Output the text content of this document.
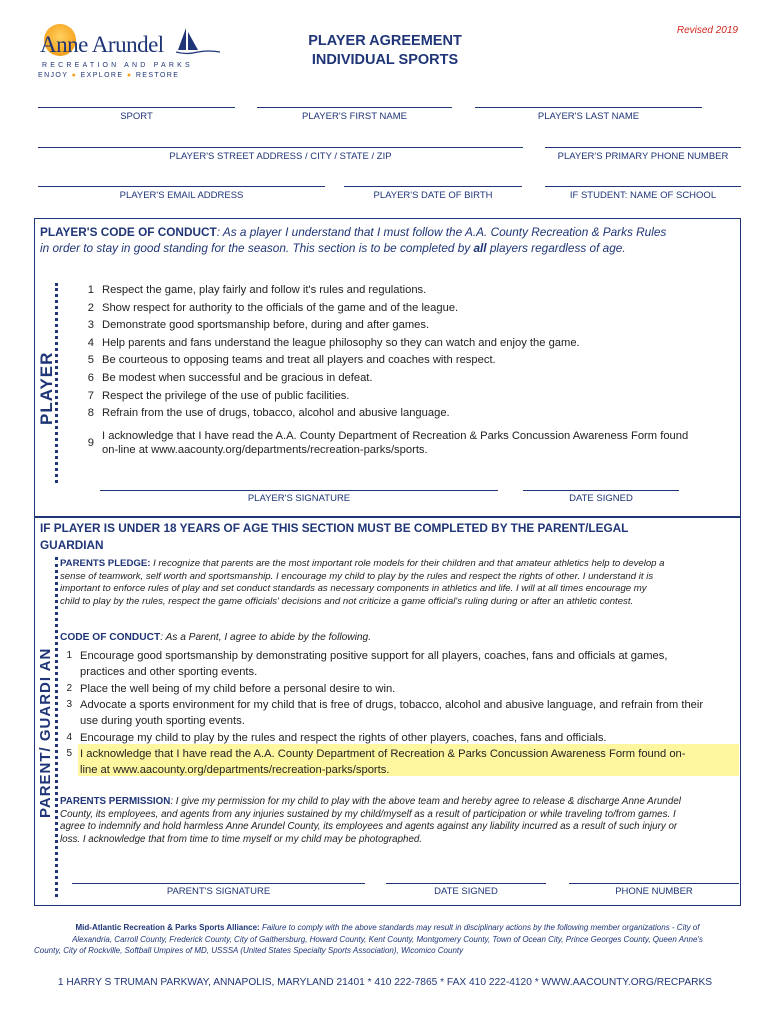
Anne Arundel
RECREATION AND PARKS
ENJOY ● EXPLORE ● RESTORE
Revised 2019
PLAYER AGREEMENT
INDIVIDUAL SPORTS
SPORT	PLAYER'S FIRST NAME	PLAYER'S LAST NAME
PLAYER'S STREET ADDRESS / CITY / STATE / ZIP	PLAYER'S PRIMARY PHONE NUMBER
PLAYER'S EMAIL ADDRESS	PLAYER'S DATE OF BIRTH	IF STUDENT: NAME OF SCHOOL
PLAYER'S CODE OF CONDUCT: As a player I understand that I must follow the A.A. County Recreation & Parks Rules
in order to stay in good standing for the season. This section is to be completed by all players regardless of age.
PLAYER
1 Respect the game, play fairly and follow it's rules and regulations.
2 Show respect for authority to the officials of the game and of the league.
3 Demonstrate good sportsmanship before, during and after games.
4 Help parents and fans understand the league philosophy so they can watch and enjoy the game.
5 Be courteous to opposing teams and treat all players and coaches with respect.
6 Be modest when successful and be gracious in defeat.
7 Respect the privilege of the use of public facilities.
8 Refrain from the use of drugs, tobacco, alcohol and abusive language.
9
I acknowledge that I have read the A.A. County Department of Recreation & Parks Concussion Awareness Form found
on-line at www.aacounty.org/departments/recreation-parks/sports.
PLAYER'S SIGNATURE	DATE SIGNED
IF PLAYER IS UNDER 18 YEARS OF AGE THIS SECTION MUST BE COMPLETED BY THE PARENT/LEGAL
GUARDIAN
PARENT/ GUARDI AN
PARENTS PLEDGE: I recognize that parents are the most important role models for their children and that amateur athletics help to develop a
sense of teamwork, self worth and sportsmanship. I encourage my child to play by the rules and respect the rights of other. I understand it is
important to enforce rules of play and set conduct standards as necessary components in athletics and life. I will at all times encourage my
child to play by the rules, respect the game officials' decisions and not criticize a game official's ruling during or after an athletic contest.
CODE OF CONDUCT: As a Parent, I agree to abide by the following.
1 Encourage good sportsmanship by demonstrating positive support for all players, coaches, fans and officials at games,
practices and other sporting events.
2 Place the well being of my child before a personal desire to win.
3 Advocate a sports environment for my child that is free of drugs, tobacco, alcohol and abusive language, and refrain from their
use during youth sporting events.
4 Encourage my child to play by the rules and respect the rights of other players, coaches, fans and officials.
5 I acknowledge that I have read the A.A. County Department of Recreation & Parks Concussion Awareness Form found on-
line at www.aacounty.org/departments/recreation-parks/sports.
PARENTS PERMISSION: I give my permission for my child to play with the above team and hereby agree to release & discharge Anne Arundel
County, its employees, and agents from any injuries sustained by my child/myself as a result of participation or while traveling to/from games. I
agree to indemnify and hold harmless Anne Arundel County, its employees and agents against any liability incurred as a result of such injury or
loss. I acknowledge that from time to time myself or my child may be photographed.
PARENT'S SIGNATURE	DATE SIGNED	PHONE NUMBER
Mid-Atlantic Recreation & Parks Sports Alliance: Failure to comply with the above standards may result in disciplinary actions by the following member organizations - City of
Alexandria, Carroll County, Frederick County, City of Gaithersburg, Howard County, Kent County, Montgomery County, Town of Ocean City, Prince Georges County, Queen Anne's
County, City of Rockville, Softball Umpires of MD, USSSA (United States Specialty Sports Association), Wicomico County
1 HARRY S TRUMAN PARKWAY, ANNAPOLIS, MARYLAND 21401 * 410 222-7865 * FAX 410 222-4120 * WWW.AACOUNTY.ORG/RECPARKS
